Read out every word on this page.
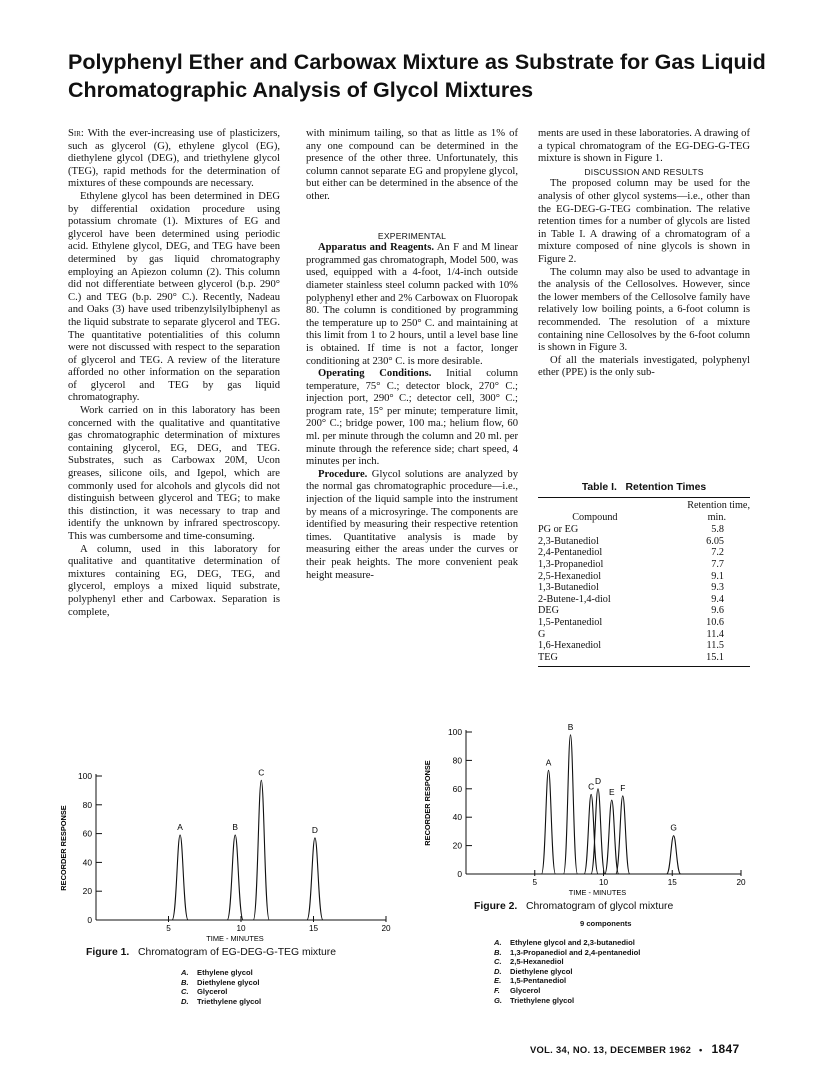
Polyphenyl Ether and Carbowax Mixture as Substrate for Gas Liquid Chromatographic Analysis of Glycol Mixtures

Sir: With the ever-increasing use of plasticizers, such as glycerol (G), ethylene glycol (EG), diethylene glycol (DEG), and triethylene glycol (TEG), rapid methods for the determination of mixtures of these compounds are necessary.

Ethylene glycol has been determined in DEG by differential oxidation procedure using potassium chromate (1). Mixtures of EG and glycerol have been determined using periodic acid. Ethylene glycol, DEG, and TEG have been determined by gas liquid chromatography employing an Apiezon column (2). This column did not differentiate between glycerol (b.p. 290° C.) and TEG (b.p. 290° C.). Recently, Nadeau and Oaks (3) have used tribenzylsilylbiphenyl as the liquid substrate to separate glycerol and TEG. The quantitative potentialities of this column were not discussed with respect to the separation of glycerol and TEG. A review of the literature afforded no other information on the separation of glycerol and TEG by gas liquid chromatography.

Work carried on in this laboratory has been concerned with the qualitative and quantitative gas chromatographic determination of mixtures containing glycerol, EG, DEG, and TEG. Substrates, such as Carbowax 20M, Ucon greases, silicone oils, and Igepol, which are commonly used for alcohols and glycols did not distinguish between glycerol and TEG; to make this distinction, it was necessary to trap and identify the unknown by infrared spectroscopy. This was cumbersome and time-consuming.

A column, used in this laboratory for qualitative and quantitative determination of mixtures containing EG, DEG, TEG, and glycerol, employs a mixed liquid substrate, polyphenyl ether and Carbowax. Separation is complete,

with minimum tailing, so that as little as 1% of any one compound can be determined in the presence of the other three. Unfortunately, this column cannot separate EG and propylene glycol, but either can be determined in the absence of the other.

EXPERIMENTAL

Apparatus and Reagents. An F and M linear programmed gas chromatograph, Model 500, was used, equipped with a 4-foot, 1/4-inch outside diameter stainless steel column packed with 10% polyphenyl ether and 2% Carbowax on Fluoropak 80. The column is conditioned by programming the temperature up to 250° C. and maintaining at this limit from 1 to 2 hours, until a level base line is obtained. If time is not a factor, longer conditioning at 230° C. is more desirable.

Operating Conditions. Initial column temperature, 75° C.; detector block, 270° C.; injection port, 290° C.; detector cell, 300° C.; program rate, 15° per minute; temperature limit, 200° C.; bridge power, 100 ma.; helium flow, 60 ml. per minute through the column and 20 ml. per minute through the reference side; chart speed, 4 minutes per inch.

Procedure. Glycol solutions are analyzed by the normal gas chromatographic procedure—i.e., injection of the liquid sample into the instrument by means of a microsyringe. The components are identified by measuring their respective retention times. Quantitative analysis is made by measuring either the areas under the curves or their peak heights. The more convenient peak height measure-

ments are used in these laboratories. A drawing of a typical chromatogram of the EG-DEG-G-TEG mixture is shown in Figure 1.

DISCUSSION AND RESULTS

The proposed column may be used for the analysis of other glycol systems—i.e., other than the EG-DEG-G-TEG combination. The relative retention times for a number of glycols are listed in Table I. A drawing of a chromatogram of a mixture composed of nine glycols is shown in Figure 2.

The column may also be used to advantage in the analysis of the Cellosolves. However, since the lower members of the Cellosolve family have relatively low boiling points, a 6-foot column is recommended. The resolution of a mixture containing nine Cellosolves by the 6-foot column is shown in Figure 3.

Of all the materials investigated, polyphenyl ether (PPE) is the only sub-

Table I. Retention Times
Compound	Retention time,
min.
PG or EG	5.8
2,3-Butanediol	6.05
2,4-Pentanediol	7.2
1,3-Propanediol	7.7
2,5-Hexanediol	9.1
1,3-Butanediol	9.3
2-Butene-1,4-diol	9.4
DEG	9.6
1,5-Pentanediol	10.6
G	11.4
1,6-Hexanediol	11.5
TEG	15.1
RECORDER RESPONSE
20
40
60
80
100
0
5	10	15	20
TIME - MINUTES
A	B
C
D
Figure 1. Chromatogram of EG-DEG-G-TEG mixture
A.	Ethylene glycol
B.	Diethylene glycol
C.	Glycerol
D.	Triethylene glycol
RECORDER RESPONSE 20
40
60
80
100
0
5	10	15	20
TIME - MINUTES
A
B
C
D
E F
G
Figure 2. Chromatogram of glycol mixture
9 components
A.	Ethylene glycol and 2,3-butanediol
B.	1,3-Propanediol and 2,4-pentanediol
C.	2,5-Hexanediol
D.	Diethylene glycol
E.	1,5-Pentanediol
F.	Glycerol
G.	Triethylene glycol
VOL. 34, NO. 13, DECEMBER 1962 • 1847
